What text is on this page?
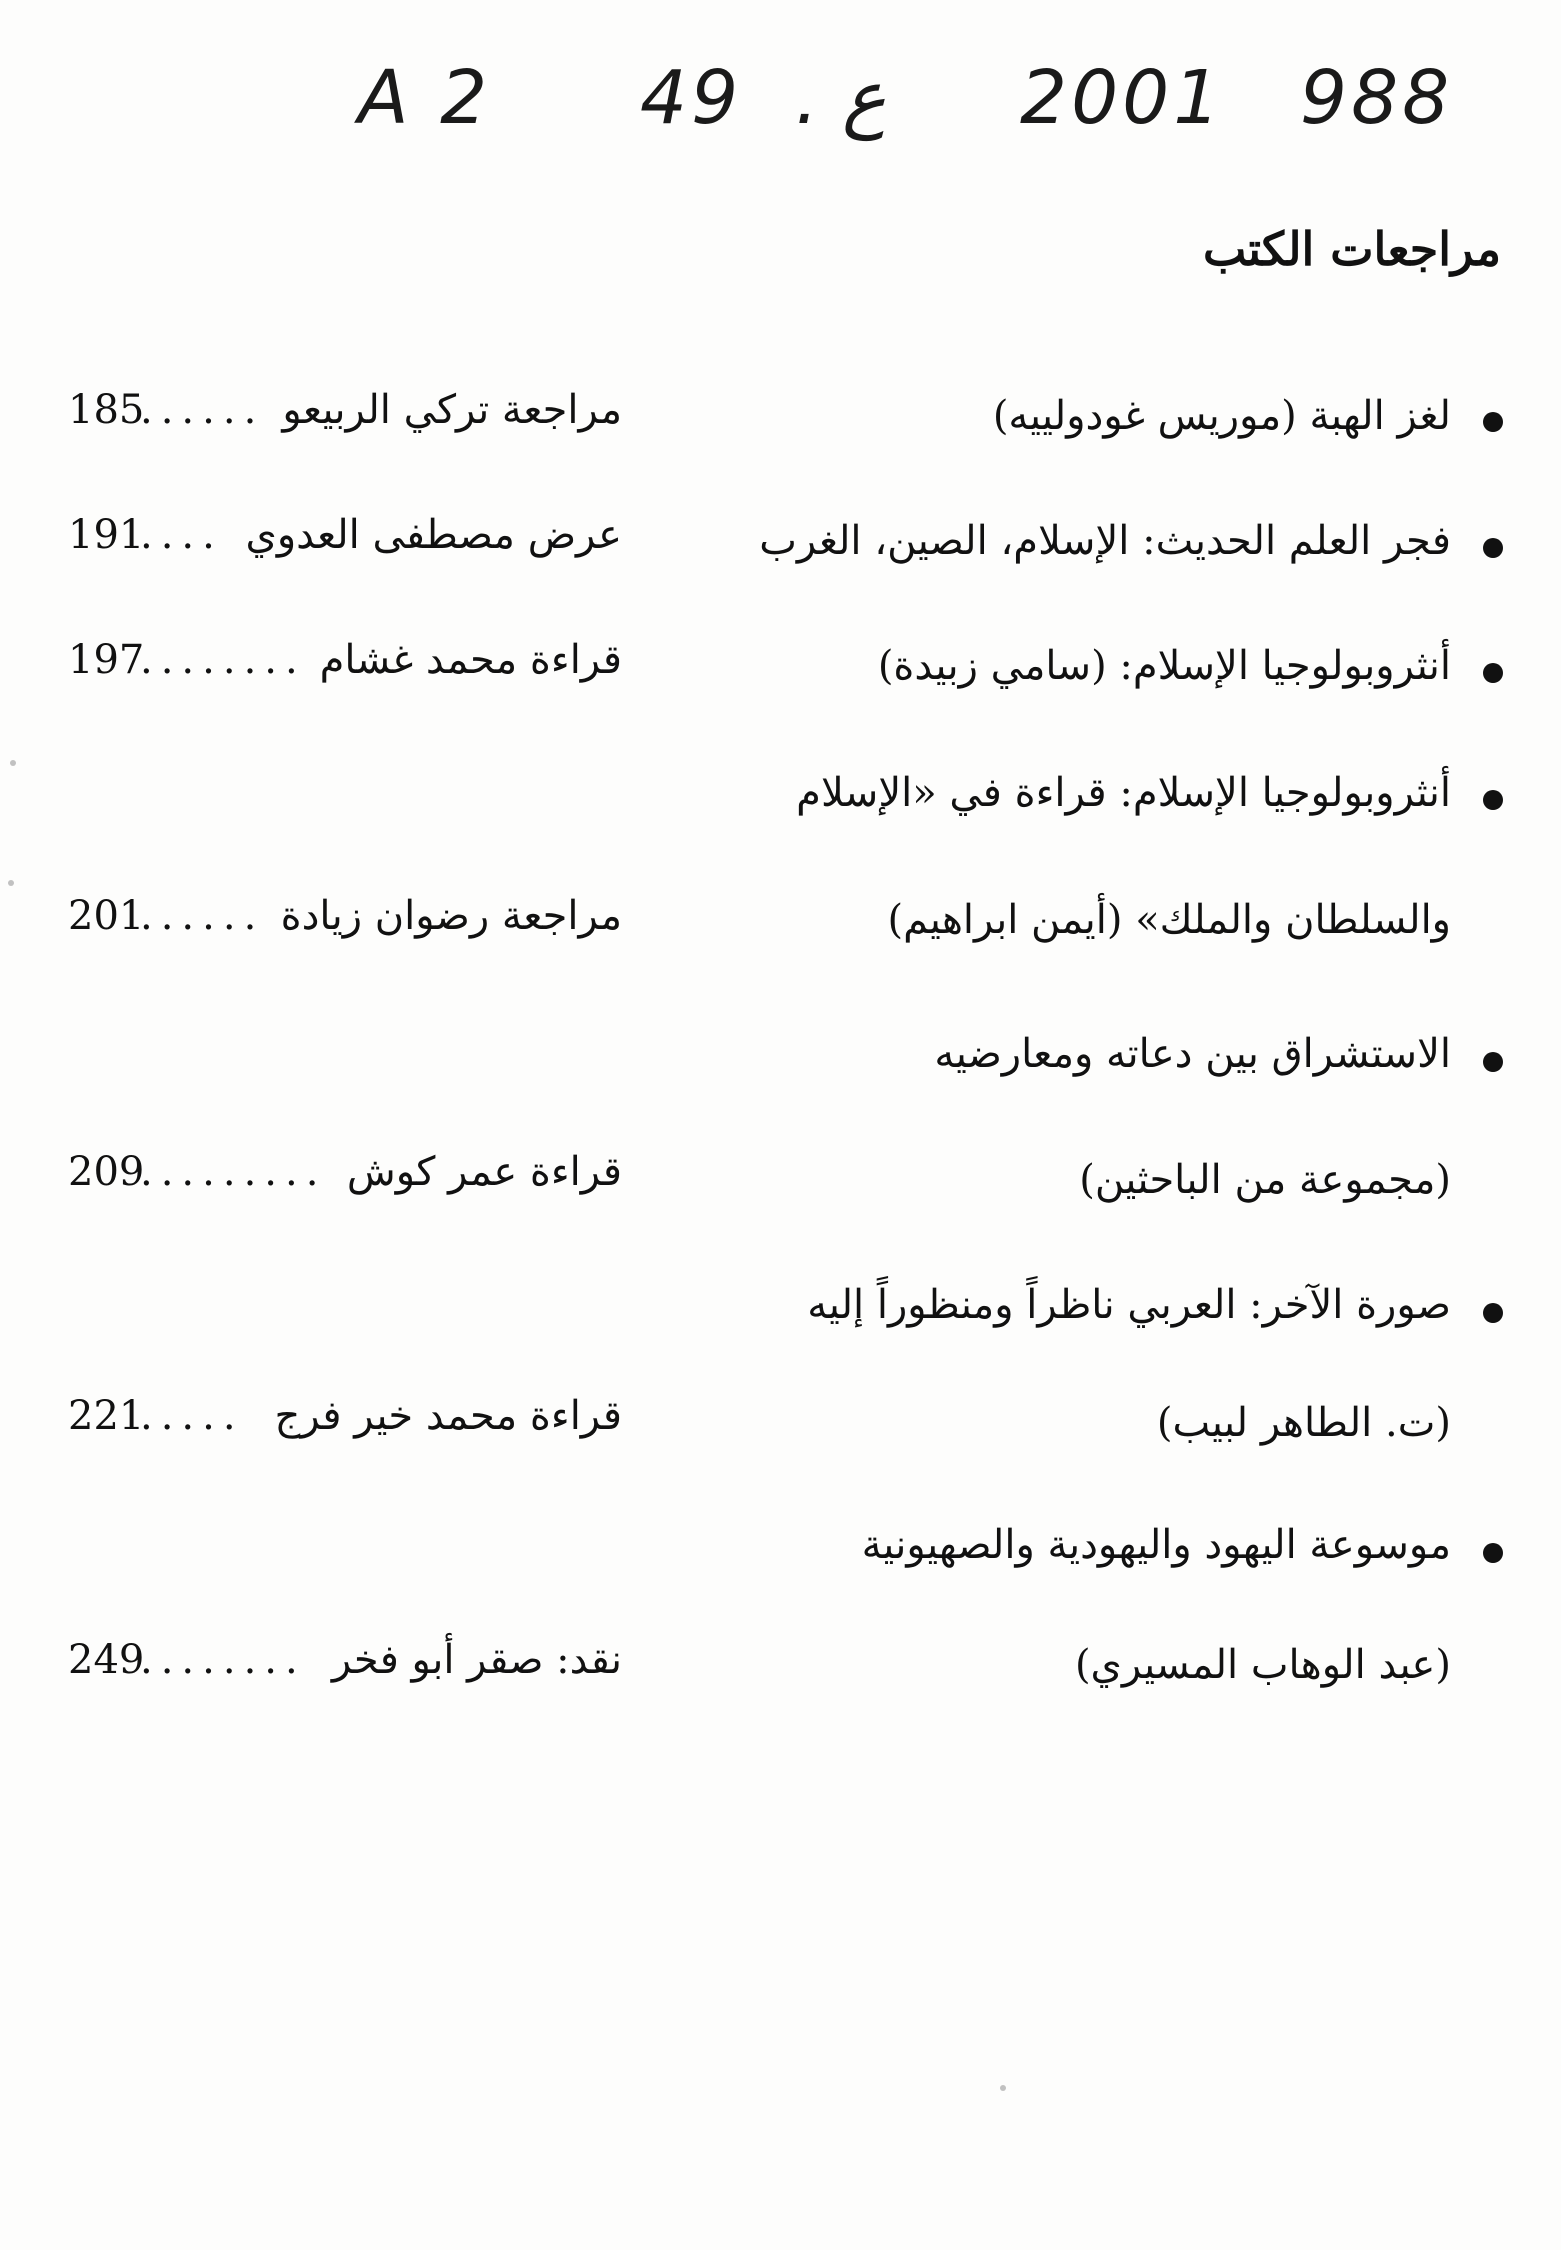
A 2 49 . ع 2001 988
مراجعات الكتب
لغز الهبة (موريس غودولييه)
مراجعة تركي الربيعو
......
185
فجر العلم الحديث: الإسلام، الصين، الغرب
عرض مصطفى العدوي
....
191
أنثروبولوجيا الإسلام: (سامي زبيدة)
قراءة محمد غشام
........
197
أنثروبولوجيا الإسلام: قراءة في «الإسلام
والسلطان والملك» (أيمن ابراهيم)
مراجعة رضوان زيادة
......
201
الاستشراق بين دعاته ومعارضيه
(مجموعة من الباحثين)
قراءة عمر كوش
.........
209
صورة الآخر: العربي ناظراً ومنظوراً إليه
(ت. الطاهر لبيب)
قراءة محمد خير فرج
.....
221
موسوعة اليهود واليهودية والصهيونية
(عبد الوهاب المسيري)
نقد: صقر أبو فخر
........
249
